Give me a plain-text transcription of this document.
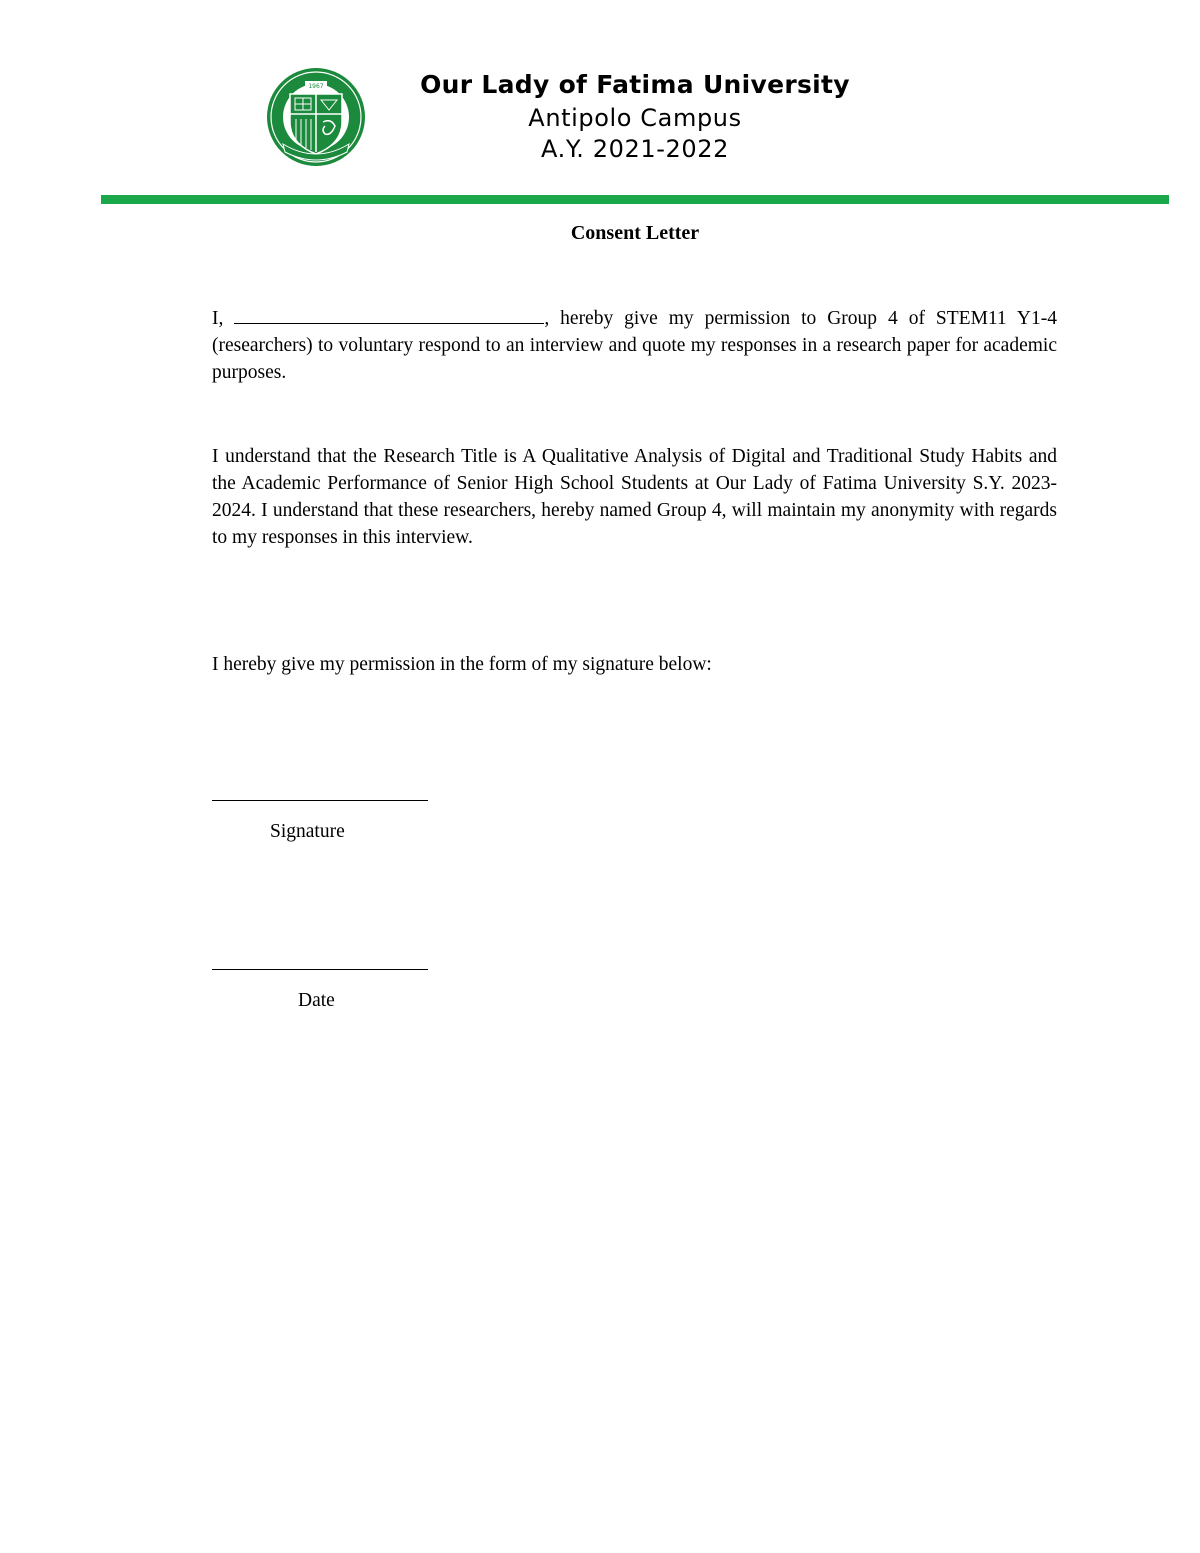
1967	Our Lady of Fatima University
Antipolo Campus
A.Y. 2021-2022
Consent Letter

I,	, hereby give my permission to Group 4 of STEM11 Y1-4 (researchers) to voluntary respond to an interview and quote my responses in a research paper for academic purposes.

I understand that the Research Title is A Qualitative Analysis of Digital and Traditional Study Habits and the Academic Performance of Senior High School Students at Our Lady of Fatima University S.Y. 2023-2024. I understand that these researchers, hereby named Group 4, will maintain my anonymity with regards to my responses in this interview.

I hereby give my permission in the form of my signature below:

Signature
Date
